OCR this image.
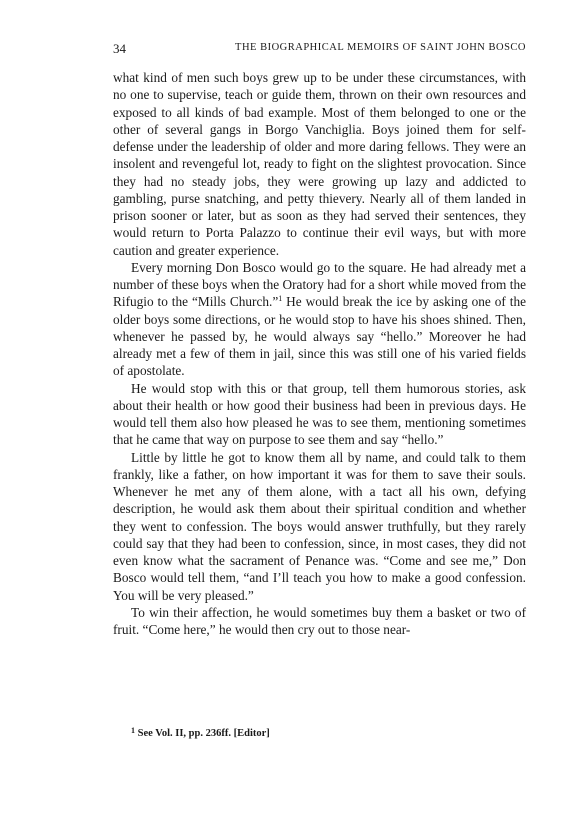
34	THE BIOGRAPHICAL MEMOIRS OF SAINT JOHN BOSCO

what kind of men such boys grew up to be under these circumstances, with no one to supervise, teach or guide them, thrown on their own resources and exposed to all kinds of bad example. Most of them belonged to one or the other of several gangs in Borgo Vanchiglia. Boys joined them for self-defense under the leadership of older and more daring fellows. They were an insolent and revengeful lot, ready to fight on the slightest provocation. Since they had no steady jobs, they were growing up lazy and addicted to gambling, purse snatching, and petty thievery. Nearly all of them landed in prison sooner or later, but as soon as they had served their sentences, they would return to Porta Palazzo to continue their evil ways, but with more caution and greater experience.

Every morning Don Bosco would go to the square. He had already met a number of these boys when the Oratory had for a short while moved from the Rifugio to the “Mills Church.”$^1$ He would break the ice by asking one of the older boys some directions, or he would stop to have his shoes shined. Then, whenever he passed by, he would always say “hello.” Moreover he had already met a few of them in jail, since this was still one of his varied fields of apostolate.

He would stop with this or that group, tell them humorous stories, ask about their health or how good their business had been in previous days. He would tell them also how pleased he was to see them, mentioning sometimes that he came that way on purpose to see them and say “hello.”

Little by little he got to know them all by name, and could talk to them frankly, like a father, on how important it was for them to save their souls. Whenever he met any of them alone, with a tact all his own, defying description, he would ask them about their spiritual condition and whether they went to confession. The boys would answer truthfully, but they rarely could say that they had been to confession, since, in most cases, they did not even know what the sacrament of Penance was. “Come and see me,” Don Bosco would tell them, “and I’ll teach you how to make a good confession. You will be very pleased.”

To win their affection, he would sometimes buy them a basket or two of fruit. “Come here,” he would then cry out to those near-

$^1$ See Vol. II, pp. 236ff. [Editor]
